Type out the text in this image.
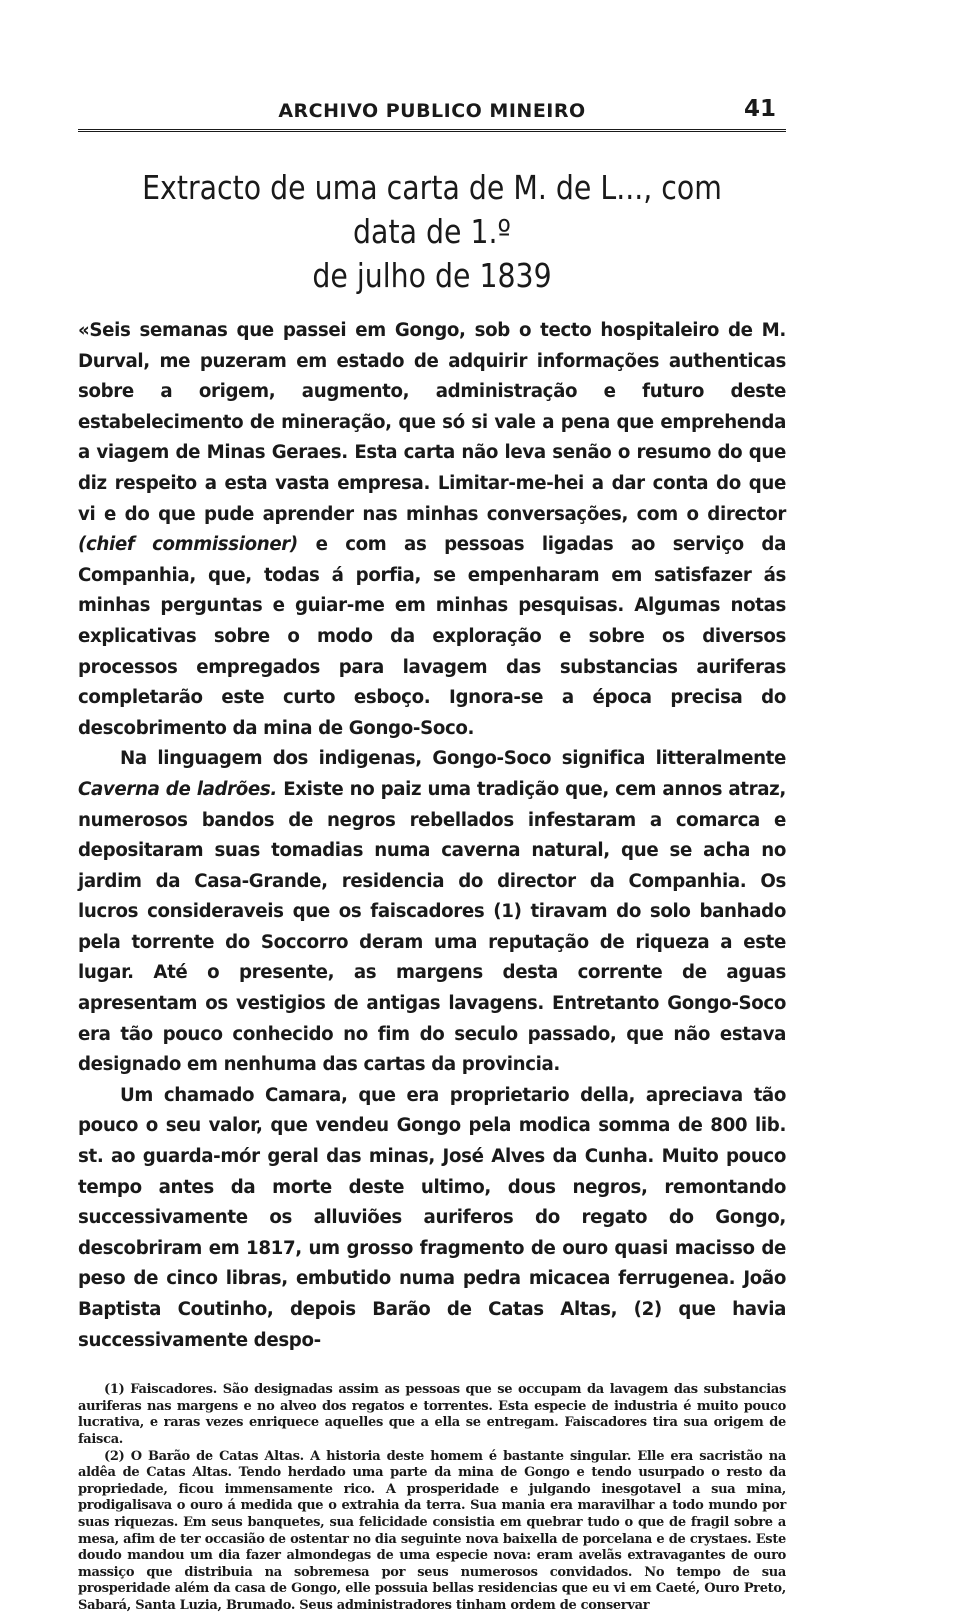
ARCHIVO PUBLICO MINEIRO	41
Extracto de uma carta de M. de L..., com data de 1.º
de julho de 1839

«Seis semanas que passei em Gongo, sob o tecto hospitaleiro de M. Durval, me puzeram em estado de adquirir informações authenticas sobre a origem, augmento, administração e futuro deste estabelecimento de mineração, que só si vale a pena que emprehenda a viagem de Minas Geraes. Esta carta não leva senão o resumo do que diz respeito a esta vasta empresa. Limitar-me-hei a dar conta do que vi e do que pude aprender nas minhas conversações, com o director (chief commissioner) e com as pessoas ligadas ao serviço da Companhia, que, todas á porfia, se empenharam em satisfazer ás minhas perguntas e guiar-me em minhas pesquisas. Algumas notas explicativas sobre o modo da exploração e sobre os diversos processos empregados para lavagem das substancias auriferas completarão este curto esboço. Ignora-se a época precisa do descobrimento da mina de Gongo-Soco.

Na linguagem dos indigenas, Gongo-Soco significa litteralmente Caverna de ladrões. Existe no paiz uma tradição que, cem annos atraz, numerosos bandos de negros rebellados infestaram a comarca e depositaram suas tomadias numa caverna natural, que se acha no jardim da Casa-Grande, residencia do director da Companhia. Os lucros consideraveis que os faiscadores (1) tiravam do solo banhado pela torrente do Soccorro deram uma reputação de riqueza a este lugar. Até o presente, as margens desta corrente de aguas apresentam os vestigios de antigas lavagens. Entretanto Gongo-Soco era tão pouco conhecido no fim do seculo passado, que não estava designado em nenhuma das cartas da provincia.

Um chamado Camara, que era proprietario della, apreciava tão pouco o seu valor, que vendeu Gongo pela modica somma de 800 lib. st. ao guarda-mór geral das minas, José Alves da Cunha. Muito pouco tempo antes da morte deste ultimo, dous negros, remontando successivamente os alluviões auriferos do regato do Gongo, descobriram em 1817, um grosso fragmento de ouro quasi macisso de peso de cinco libras, embutido numa pedra micacea ferrugenea. João Baptista Coutinho, depois Barão de Catas Altas, (2) que havia successivamente despo-

(1) Faiscadores. São designadas assim as pessoas que se occupam da lavagem das substancias auriferas nas margens e no alveo dos regatos e torrentes. Esta especie de industria é muito pouco lucrativa, e raras vezes enriquece aquelles que a ella se entregam. Faiscadores tira sua origem de faisca.

(2) O Barão de Catas Altas. A historia deste homem é bastante singular. Elle era sacristão na aldêa de Catas Altas. Tendo herdado uma parte da mina de Gongo e tendo usurpado o resto da propriedade, ficou immensamente rico. A prosperidade e julgando inesgotavel a sua mina, prodigalisava o ouro á medida que o extrahia da terra. Sua mania era maravilhar a todo mundo por suas riquezas. Em seus banquetes, sua felicidade consistia em quebrar tudo o que de fragil sobre a mesa, afim de ter occasião de ostentar no dia seguinte nova baixella de porcelana e de crystaes. Este doudo mandou um dia fazer almondegas de uma especie nova: eram avelãs extravagantes de ouro massiço que distribuia na sobremesa por seus numerosos convidados. No tempo de sua prosperidade além da casa de Gongo, elle possuia bellas residencias que eu vi em Caeté, Ouro Preto, Sabará, Santa Luzia, Brumado. Seus administradores tinham ordem de conservar
